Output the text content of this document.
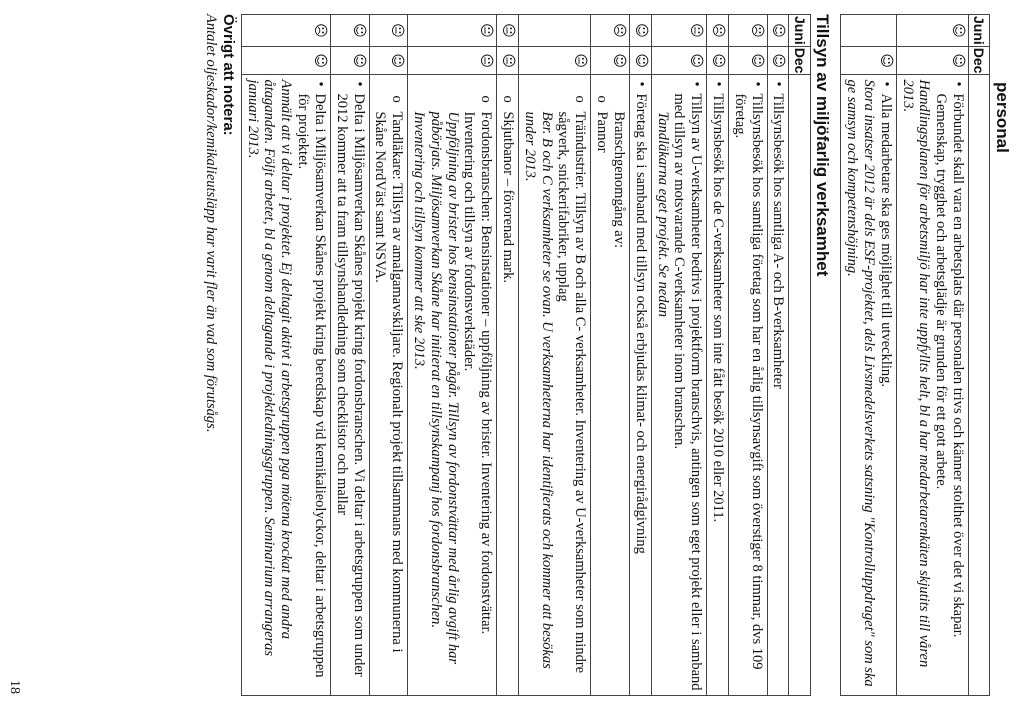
personal
Juni	Dec	
☺	☺	• Förbundet skall vara en arbetsplats där personalen trivs och känner stolthet över det vi skapar. Gemenskap, trygghet och arbetsglädje är grunden för ett gott arbete.
Handlingsplanen för arbetsmiljö har inte uppfyllts helt, bl a har medarbetarenkäten skjutits till våren 2013.

	☺	• Alla medarbetare ska ges möjlighet till utveckling.
Stora insatser 2012 är dels ESF-projektet, dels Livsmedelsverkets satsning "Kontrolluppdraget" som ska ge samsyn och kompetenshöjning.
Tillsyn av miljöfarlig verksamhet
Juni	Dec	
☺	☺	• Tillsynsbesök hos samtliga A- och B-verksamheter

☹	☺	• Tillsynsbesök hos samtliga företag som har en årlig tillsynsavgift som överstiger 8 timmar, dvs 109 företag.

☹	☺	• Tillsynsbesök hos de C-verksamheter som inte fått besök 2010 eller 2011.

😐	☺	• Tillsyn av U-verksamheter bedrivs i projektform branschvis, antingen som eget projekt eller i samband med tillsyn av motsvarande C-verksamheter inom branschen.
Tandläkarna eget projekt. Se nedan

☺	☺	• Företag ska i samband med tillsyn också erbjudas klimat- och energirådgivning

☹	☺	Branschgenomgång av:
o Pannor

	😐	o Träindustrier. Tillsyn av B och alla C- verksamheter. Inventering av U-verksamheter som mindre sågverk, snickerifabriker, upplag
Ber. B och C verksamheter se ovan. U verksamheterna har identifierats och kommer att besökas under 2013.

😐	😐	o Skjutbanor – förorenad mark.

😐	😐	o Fordonsbranschen: Bensinstationer – uppföljning av brister. Inventering av fordonstvättar. Inventering och tillsyn av fordonsverkstäder.
Uppföljning av brister hos bensinstationer pågår. Tillsyn av fordonstvättar med årlig avgift har påbörjats. Miljösamverkan Skåne har initierat en tillsynskampanj hos fordonsbranschen. Inventering och tillsyn kommer att ske 2013.

😐	☺	o Tandläkare: Tillsyn av amalgamavskiljare. Regionalt projekt tillsammans med kommunerna i Skåne NordVäst samt NSVA.

☺	☺	• Delta i Miljösamverkan Skånes projekt kring fordonsbranschen. Vi deltar i arbetsgruppen som under 2012 kommer att ta fram tillsynshandledning som checklistor och mallar

☹	☺	• Delta i Miljösamverkan Skånes projekt kring beredskap vid kemikalieolyckor, deltar i arbetsgruppen för projektet.
Anmält att vi deltar i projektet. Ej deltagit aktivt i arbetsgruppen pga mötena krockat med andra åtaganden. Följt arbetet, bl a genom deltagande i projektledningsgruppen. Seminarium arrangeras januari 2013.
Övrigt att notera:
Antalet oljeskador/kemikalieutsläpp har varit fler än vad som förutsågs.
18
